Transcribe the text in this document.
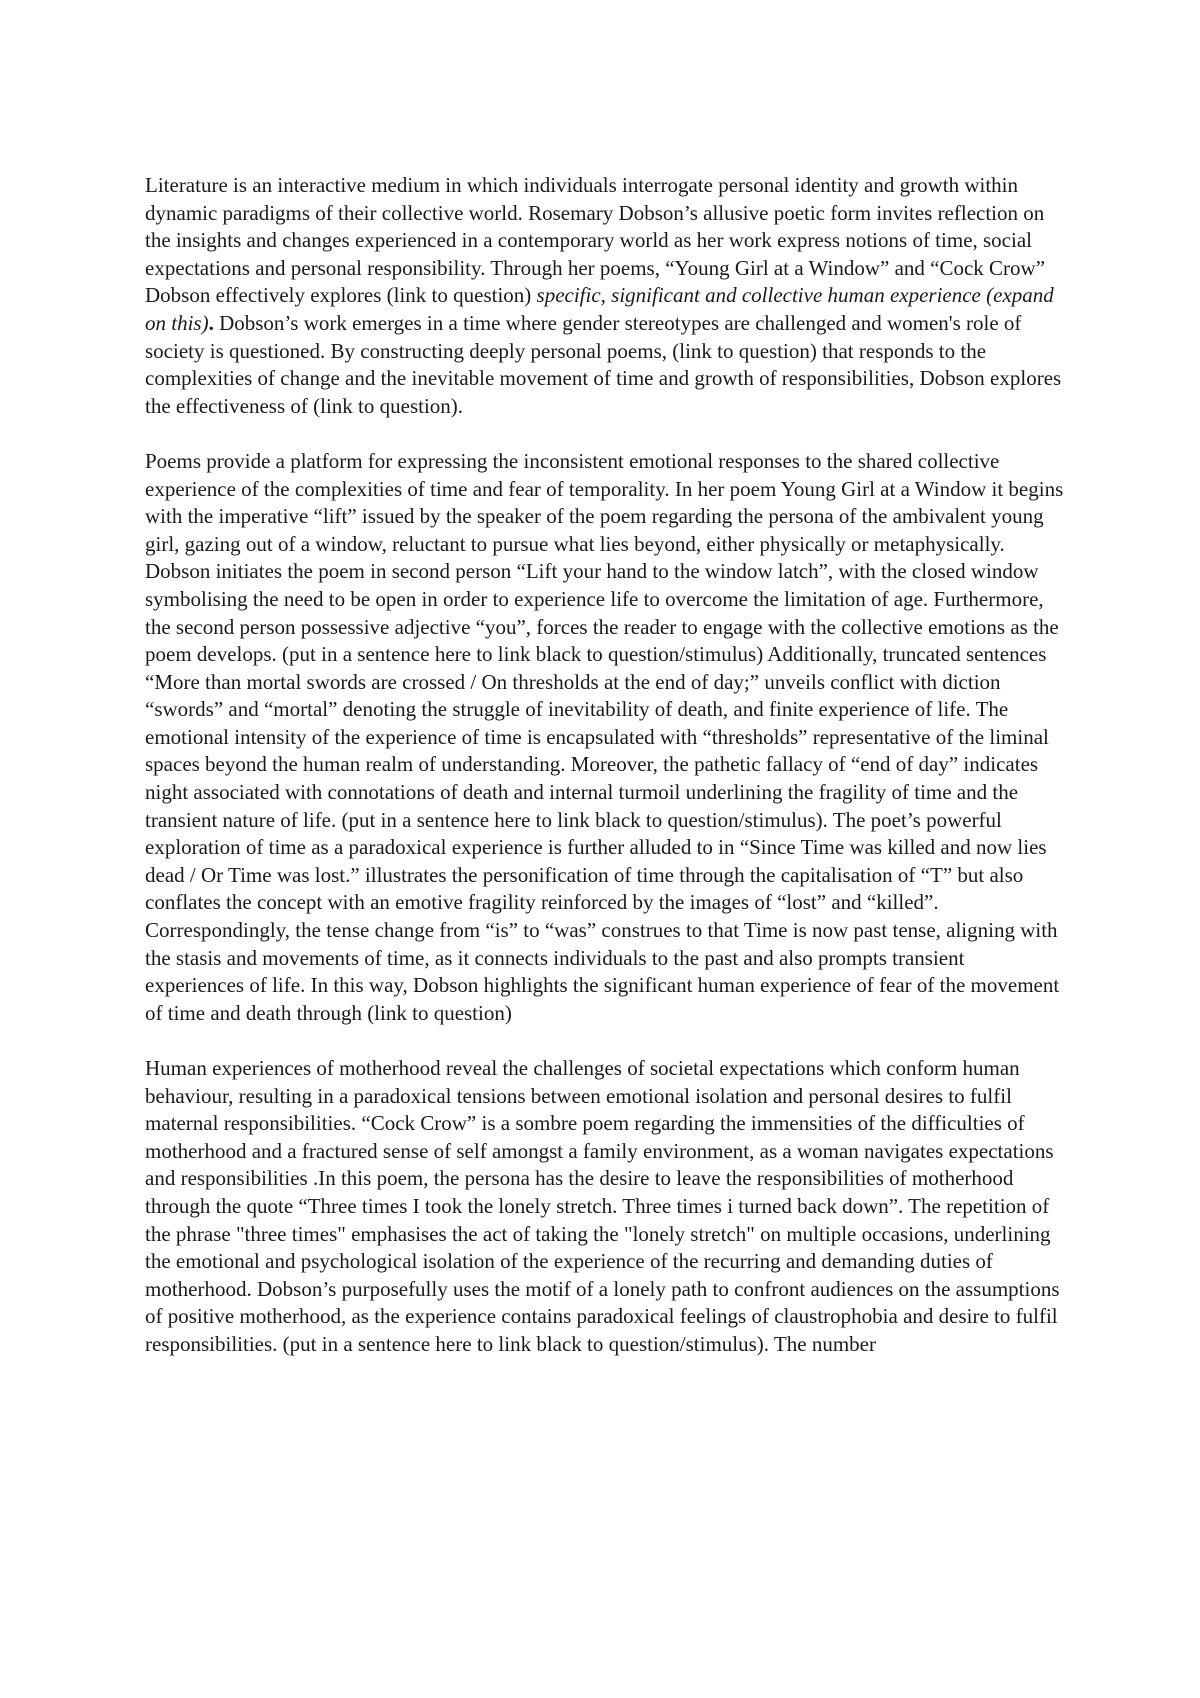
Literature is an interactive medium in which individuals interrogate personal identity and growth within dynamic paradigms of their collective world. Rosemary Dobson’s allusive poetic form invites reflection on the insights and changes experienced in a contemporary world as her work express notions of time, social expectations and personal responsibility. Through her poems, “Young Girl at a Window” and “Cock Crow” Dobson effectively explores (link to question) specific, significant and collective human experience (expand on this). Dobson’s work emerges in a time where gender stereotypes are challenged and women's role of society is questioned. By constructing deeply personal poems, (link to question) that responds to the complexities of change and the inevitable movement of time and growth of responsibilities, Dobson explores the effectiveness of (link to question).

Poems provide a platform for expressing the inconsistent emotional responses to the shared collective experience of the complexities of time and fear of temporality. In her poem Young Girl at a Window it begins with the imperative “lift” issued by the speaker of the poem regarding the persona of the ambivalent young girl, gazing out of a window, reluctant to pursue what lies beyond, either physically or metaphysically. Dobson initiates the poem in second person “Lift your hand to the window latch”, with the closed window symbolising the need to be open in order to experience life to overcome the limitation of age. Furthermore, the second person possessive adjective “you”, forces the reader to engage with the collective emotions as the poem develops. (put in a sentence here to link black to question/stimulus) Additionally, truncated sentences “More than mortal swords are crossed / On thresholds at the end of day;” unveils conflict with diction “swords” and “mortal” denoting the struggle of inevitability of death, and finite experience of life. The emotional intensity of the experience of time is encapsulated with “thresholds” representative of the liminal spaces beyond the human realm of understanding. Moreover, the pathetic fallacy of “end of day” indicates night associated with connotations of death and internal turmoil underlining the fragility of time and the transient nature of life. (put in a sentence here to link black to question/stimulus). The poet’s powerful exploration of time as a paradoxical experience is further alluded to in “Since Time was killed and now lies dead / Or Time was lost.” illustrates the personification of time through the capitalisation of “T” but also conflates the concept with an emotive fragility reinforced by the images of “lost” and “killed”. Correspondingly, the tense change from “is” to “was” construes to that Time is now past tense, aligning with the stasis and movements of time, as it connects individuals to the past and also prompts transient experiences of life. In this way, Dobson highlights the significant human experience of fear of the movement of time and death through (link to question)

Human experiences of motherhood reveal the challenges of societal expectations which conform human behaviour, resulting in a paradoxical tensions between emotional isolation and personal desires to fulfil maternal responsibilities. “Cock Crow” is a sombre poem regarding the immensities of the difficulties of motherhood and a fractured sense of self amongst a family environment, as a woman navigates expectations and responsibilities .In this poem, the persona has the desire to leave the responsibilities of motherhood through the quote “Three times I took the lonely stretch. Three times i turned back down”. The repetition of the phrase "three times" emphasises the act of taking the "lonely stretch" on multiple occasions, underlining the emotional and psychological isolation of the experience of the recurring and demanding duties of motherhood. Dobson’s purposefully uses the motif of a lonely path to confront audiences on the assumptions of positive motherhood, as the experience contains paradoxical feelings of claustrophobia and desire to fulfil responsibilities. (put in a sentence here to link black to question/stimulus). The number
